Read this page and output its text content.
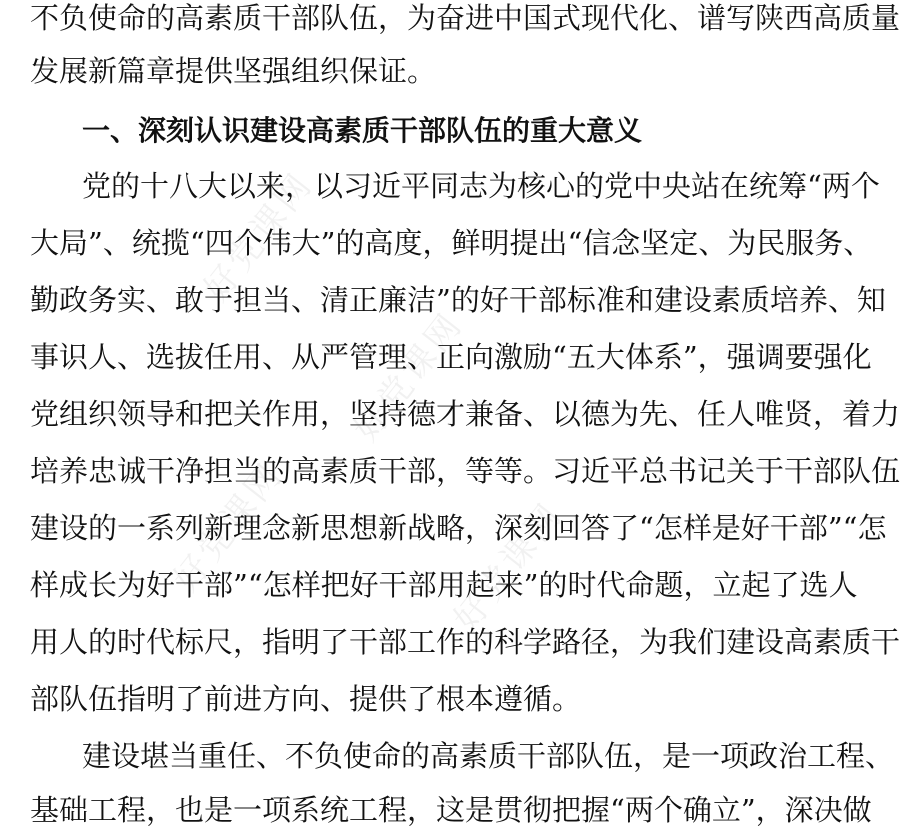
好党课网
好党课网
好党课网	好党课网
不负使命的高素质干部队伍，为奋进中国式现代化、谱写陕西高质量
发展新篇章提供坚强组织保证。
一、深刻认识建设高素质干部队伍的重大意义
党的十八大以来，以习近平同志为核心的党中央站在统筹“两个
大局”、统揽“四个伟大”的高度，鲜明提出“信念坚定、为民服务、
勤政务实、敢于担当、清正廉洁”的好干部标准和建设素质培养、知
事识人、选拔任用、从严管理、正向激励“五大体系”，强调要强化
党组织领导和把关作用，坚持德才兼备、以德为先、任人唯贤，着力
培养忠诚干净担当的高素质干部，等等。习近平总书记关于干部队伍
建设的一系列新理念新思想新战略，深刻回答了“怎样是好干部”“怎
样成长为好干部”“怎样把好干部用起来”的时代命题，立起了选人
用人的时代标尺，指明了干部工作的科学路径，为我们建设高素质干
部队伍指明了前进方向、提供了根本遵循。
建设堪当重任、不负使命的高素质干部队伍，是一项政治工程、
基础工程，也是一项系统工程，这是贯彻把握“两个确立”，深决做
